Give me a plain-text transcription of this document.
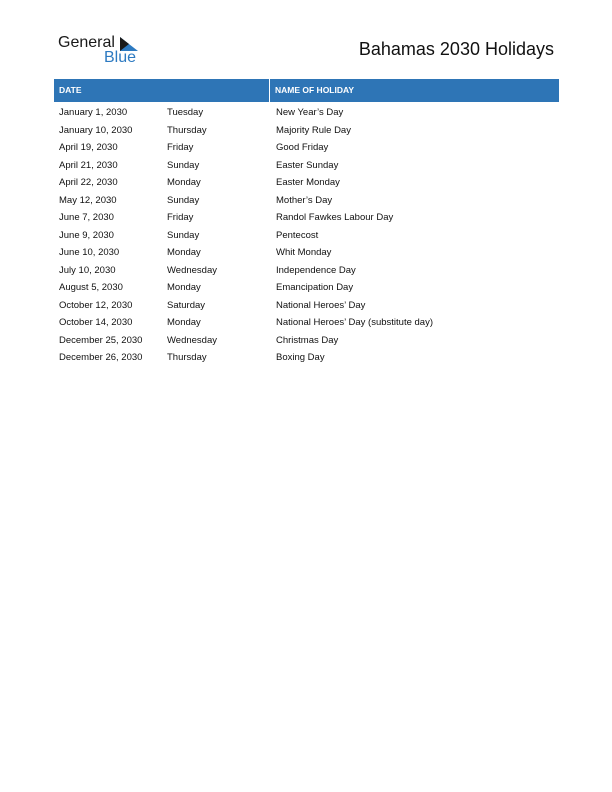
General
Blue	Bahamas 2030 Holidays
DATE	NAME OF HOLIDAY
January 1, 2030	Tuesday	New Year’s Day
January 10, 2030	Thursday	Majority Rule Day
April 19, 2030	Friday	Good Friday
April 21, 2030	Sunday	Easter Sunday
April 22, 2030	Monday	Easter Monday
May 12, 2030	Sunday	Mother’s Day
June 7, 2030	Friday	Randol Fawkes Labour Day
June 9, 2030	Sunday	Pentecost
June 10, 2030	Monday	Whit Monday
July 10, 2030	Wednesday	Independence Day
August 5, 2030	Monday	Emancipation Day
October 12, 2030	Saturday	National Heroes’ Day
October 14, 2030	Monday	National Heroes’ Day (substitute day)
December 25, 2030	Wednesday	Christmas Day
December 26, 2030	Thursday	Boxing Day
